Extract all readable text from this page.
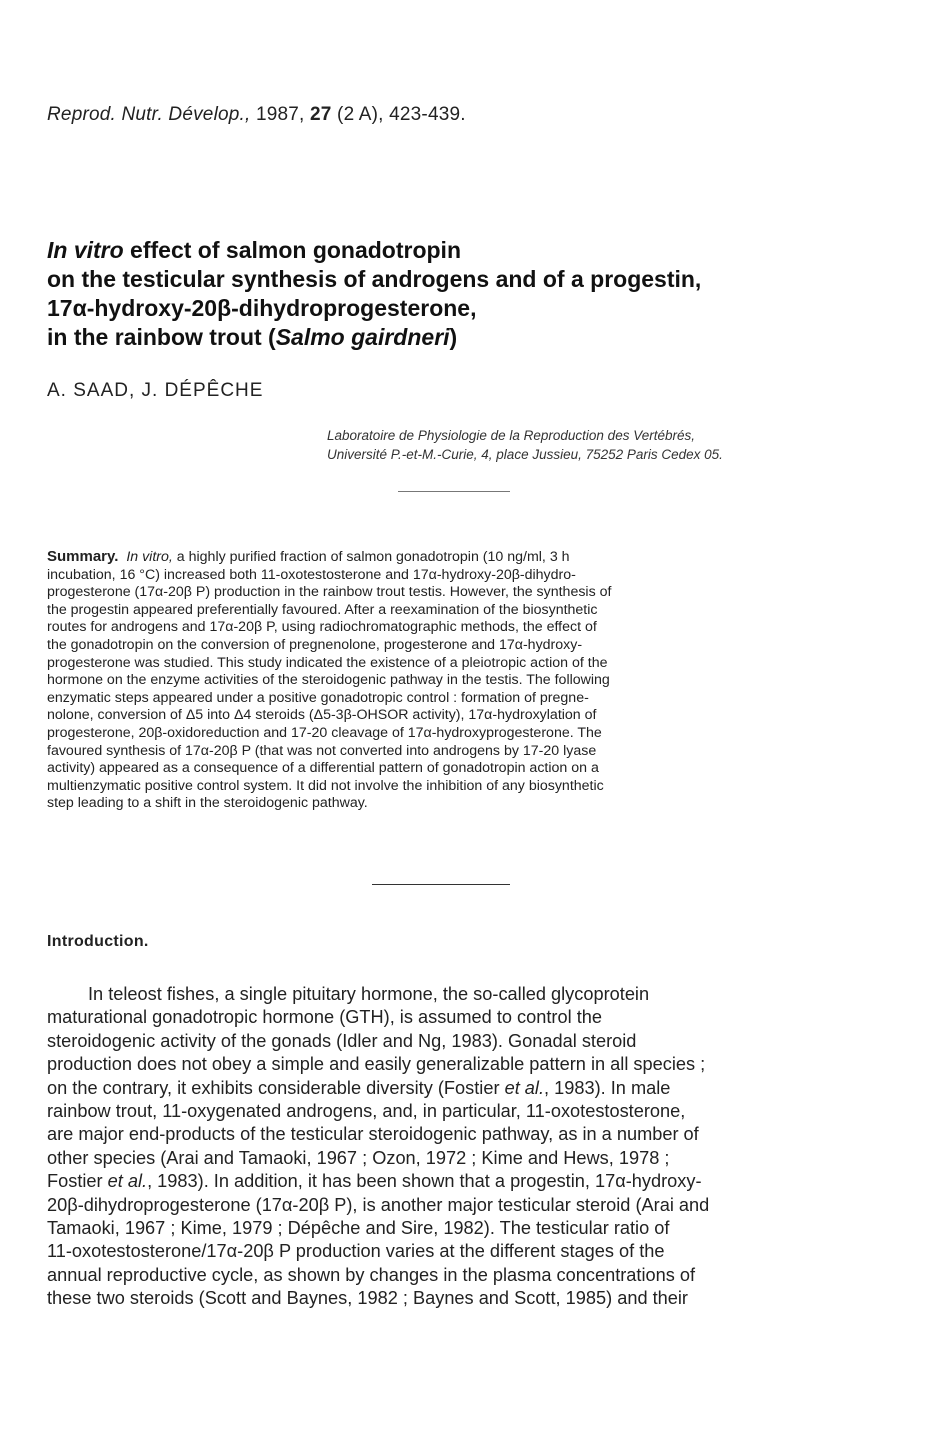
Reprod. Nutr. Dévelop., 1987, 27 (2 A), 423-439.
In vitro effect of salmon gonadotropin
on the testicular synthesis of androgens and of a progestin,
17α-hydroxy-20β-dihydroprogesterone,
in the rainbow trout (Salmo gairdneri)
A. SAAD, J. DÉPÊCHE
Laboratoire de Physiologie de la Reproduction des Vertébrés,
Université P.-et-M.-Curie, 4, place Jussieu, 75252 Paris Cedex 05.
Summary. In vitro, a highly purified fraction of salmon gonadotropin (10 ng/ml, 3 h
incubation, 16 °C) increased both 11-oxotestosterone and 17α-hydroxy-20β-dihydro-
progesterone (17α-20β P) production in the rainbow trout testis. However, the synthesis of
the progestin appeared preferentially favoured. After a reexamination of the biosynthetic
routes for androgens and 17α-20β P, using radiochromatographic methods, the effect of
the gonadotropin on the conversion of pregnenolone, progesterone and 17α-hydroxy-
progesterone was studied. This study indicated the existence of a pleiotropic action of the
hormone on the enzyme activities of the steroidogenic pathway in the testis. The following
enzymatic steps appeared under a positive gonadotropic control : formation of pregne-
nolone, conversion of Δ5 into Δ4 steroids (Δ5-3β-OHSOR activity), 17α-hydroxylation of
progesterone, 20β-oxidoreduction and 17-20 cleavage of 17α-hydroxyprogesterone. The
favoured synthesis of 17α-20β P (that was not converted into androgens by 17-20 lyase
activity) appeared as a consequence of a differential pattern of gonadotropin action on a
multienzymatic positive control system. It did not involve the inhibition of any biosynthetic
step leading to a shift in the steroidogenic pathway.
Introduction.
In teleost fishes, a single pituitary hormone, the so-called glycoprotein
maturational gonadotropic hormone (GTH), is assumed to control the
steroidogenic activity of the gonads (Idler and Ng, 1983). Gonadal steroid
production does not obey a simple and easily generalizable pattern in all species ;
on the contrary, it exhibits considerable diversity (Fostier et al., 1983). In male
rainbow trout, 11-oxygenated androgens, and, in particular, 11-oxotestosterone,
are major end-products of the testicular steroidogenic pathway, as in a number of
other species (Arai and Tamaoki, 1967 ; Ozon, 1972 ; Kime and Hews, 1978 ;
Fostier et al., 1983). In addition, it has been shown that a progestin, 17α-hydroxy-
20β-dihydroprogesterone (17α-20β P), is another major testicular steroid (Arai and
Tamaoki, 1967 ; Kime, 1979 ; Dépêche and Sire, 1982). The testicular ratio of
11-oxotestosterone/17α-20β P production varies at the different stages of the
annual reproductive cycle, as shown by changes in the plasma concentrations of
these two steroids (Scott and Baynes, 1982 ; Baynes and Scott, 1985) and their
